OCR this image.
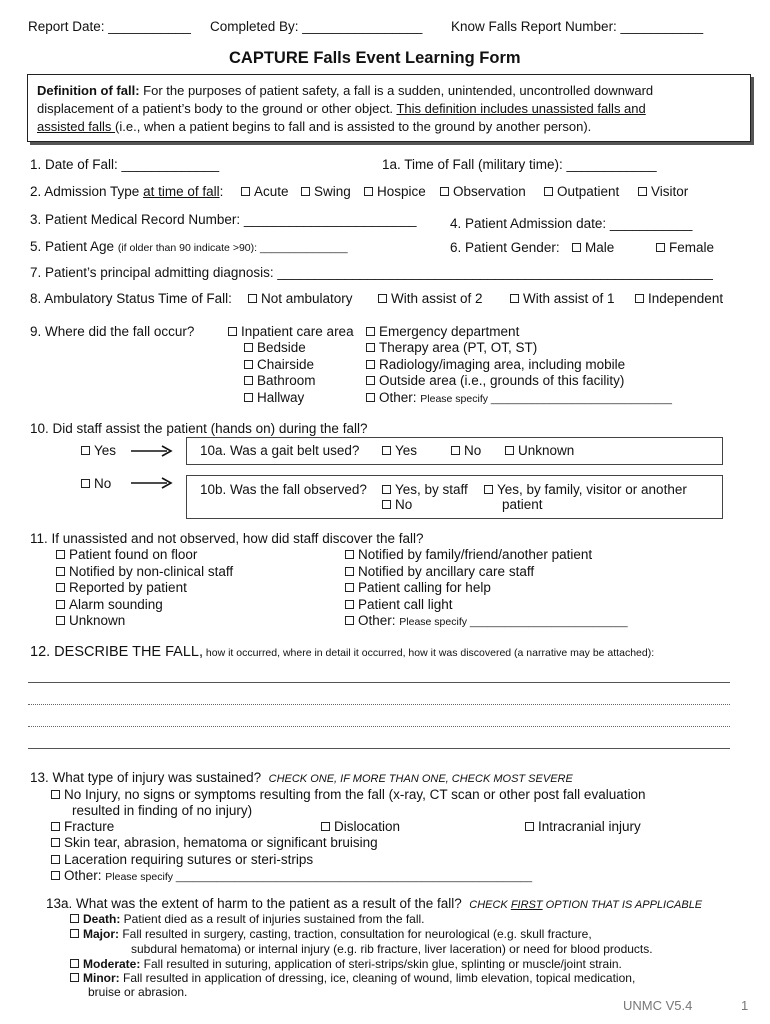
Report Date: ___________ Completed By: ________________ Know Falls Report Number: ___________
CAPTURE Falls Event Learning Form
Definition of fall: For the purposes of patient safety, a fall is a sudden, unintended, uncontrolled downward
displacement of a patient’s body to the ground or other object. This definition includes unassisted falls and
assisted falls (i.e., when a patient begins to fall and is assisted to the ground by another person).
1. Date of Fall: _____________	1a. Time of Fall (military time): ____________
2. Admission Type at time of fall:	Acute	Swing	Hospice	Observation	Outpatient	Visitor
3. Patient Medical Record Number: _______________________ 4. Patient Admission date: ___________
5. Patient Age (if older than 90 indicate >90): _______________	6. Patient Gender:	Male	Female
7. Patient’s principal admitting diagnosis: __________________________________________________________
8. Ambulatory Status Time of Fall:	Not ambulatory	With assist of 2	With assist of 1	Independent
9. Where did the fall occur?	Inpatient care area
Bedside
Chairside
Bathroom
Hallway
Emergency department
Therapy area (PT, OT, ST)
Radiology/imaging area, including mobile
Outside area (i.e., grounds of this facility)
Other: Please specify _______________________________
10. Did staff assist the patient (hands on) during the fall?
Yes
No
10a. Was a gait belt used?	Yes	No	Unknown
10b. Was the fall observed?	Yes, by staff	Yes, by family, visitor or another
patient
No
11. If unassisted and not observed, how did staff discover the fall?
Patient found on floor
Notified by non-clinical staff
Reported by patient
Alarm sounding
Unknown
Notified by family/friend/another patient
Notified by ancillary care staff
Patient calling for help
Patient call light
Other: Please specify ___________________________
12. DESCRIBE THE FALL, how it occurred, where in detail it occurred, how it was discovered (a narrative may be attached):
13. What type of injury was sustained? CHECK ONE, IF MORE THAN ONE, CHECK MOST SEVERE
No Injury, no signs or symptoms resulting from the fall (x-ray, CT scan or other post fall evaluation
resulted in finding of no injury)
Fracture	Dislocation	Intracranial injury
Skin tear, abrasion, hematoma or significant bruising
Laceration requiring sutures or steri-strips
Other: Please specify _____________________________________________________________
13a. What was the extent of harm to the patient as a result of the fall? CHECK FIRST OPTION THAT IS APPLICABLE
Death: Patient died as a result of injuries sustained from the fall.
Major: Fall resulted in surgery, casting, traction, consultation for neurological (e.g. skull fracture,
subdural hematoma) or internal injury (e.g. rib fracture, liver laceration) or need for blood products.
Moderate: Fall resulted in suturing, application of steri-strips/skin glue, splinting or muscle/joint strain.
Minor: Fall resulted in application of dressing, ice, cleaning of wound, limb elevation, topical medication,
bruise or abrasion.
UNMC V5.4	1
